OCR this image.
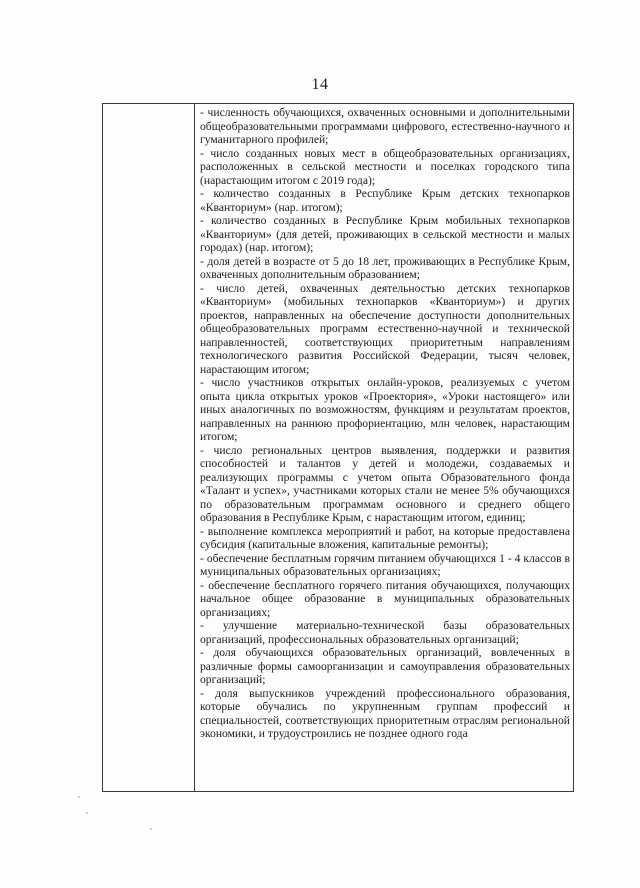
14

- численность обучающихся, охваченных основными и дополнительными общеобразовательными программами цифрового, естественно-научного и гуманитарного профилей;

- число созданных новых мест в общеобразовательных организациях, расположенных в сельской местности и поселках городского типа (нарастающим итогом с 2019 года);

- количество созданных в Республике Крым детских технопарков «Кванториум» (нар. итогом);

- количество созданных в Республике Крым мобильных технопарков «Кванториум» (для детей, проживающих в сельской местности и малых городах) (нар. итогом);

- доля детей в возрасте от 5 до 18 лет, проживающих в Республике Крым, охваченных дополнительным образованием;

- число детей, охваченных деятельностью детских технопарков «Кванториум» (мобильных технопарков «Кванториум») и других проектов, направленных на обеспечение доступности дополнительных общеобразовательных программ естественно-научной и технической направленностей, соответствующих приоритетным направлениям технологического развития Российской Федерации, тысяч человек, нарастающим итогом;

- число участников открытых онлайн-уроков, реализуемых с учетом опыта цикла открытых уроков «Проектория», «Уроки настоящего» или иных аналогичных по возможностям, функциям и результатам проектов, направленных на раннюю профориентацию, млн человек, нарастающим итогом;

- число региональных центров выявления, поддержки и развития способностей и талантов у детей и молодежи, создаваемых и реализующих программы с учетом опыта Образовательного фонда «Талант и успех», участниками которых стали не менее 5% обучающихся по образовательным программам основного и среднего общего образования в Республике Крым, с нарастающим итогом, единиц;

- выполнение комплекса мероприятий и работ, на которые предоставлена субсидия (капитальные вложения, капитальные ремонты);

- обеспечение бесплатным горячим питанием обучающихся 1 - 4 классов в муниципальных образовательных организациях;

- обеспечение бесплатного горячего питания обучающихся, получающих начальное общее образование в муниципальных образовательных организациях;

- улучшение материально-технической базы образовательных организаций, профессиональных образовательных организаций;

- доля обучающихся образовательных организаций, вовлеченных в различные формы самоорганизации и самоуправления образовательных организаций;

- доля выпускников учреждений профессионального образования, которые обучались по укрупненным группам профессий и специальностей, соответствующих приоритетным отраслям региональной экономики, и трудоустроились не позднее одного года
